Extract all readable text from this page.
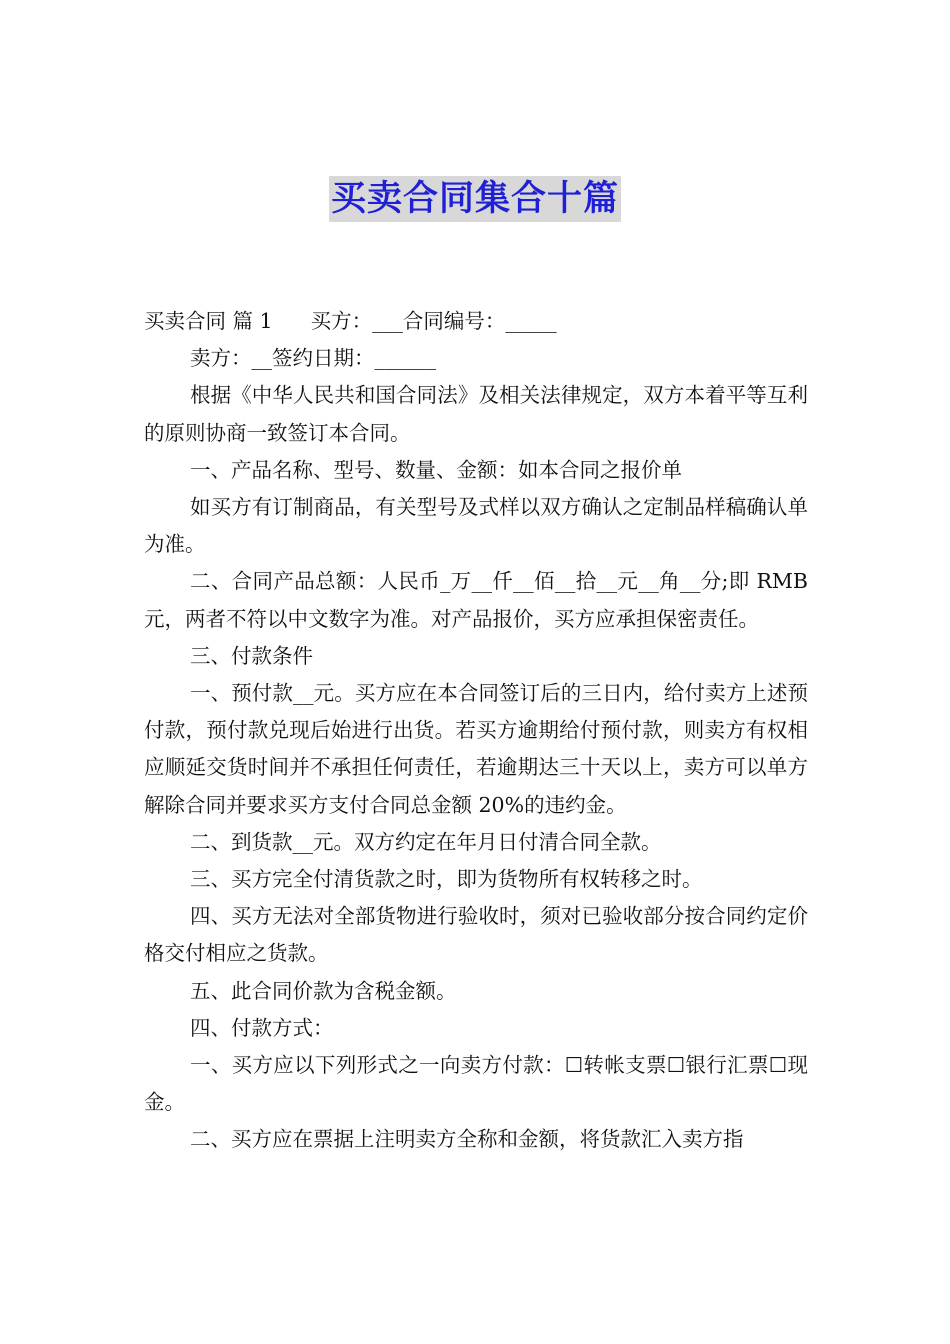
买卖合同集合十篇

买卖合同 篇 1 买方：___合同编号：_____

卖方：__签约日期：______

根据《中华人民共和国合同法》及相关法律规定，双方本着平等互利的原则协商一致签订本合同。

一、产品名称、型号、数量、金额：如本合同之报价单

如买方有订制商品，有关型号及式样以双方确认之定制品样稿确认单为准。

二、合同产品总额：人民币_万__仟__佰__拾__元__角__分;即 RMB 元，两者不符以中文数字为准。对产品报价，买方应承担保密责任。

三、付款条件

一、预付款__元。买方应在本合同签订后的三日内，给付卖方上述预付款，预付款兑现后始进行出货。若买方逾期给付预付款，则卖方有权相应顺延交货时间并不承担任何责任，若逾期达三十天以上，卖方可以单方解除合同并要求买方支付合同总金额 20%的违约金。

二、到货款__元。双方约定在年月日付清合同全款。

三、买方完全付清货款之时，即为货物所有权转移之时。

四、买方无法对全部货物进行验收时，须对已验收部分按合同约定价格交付相应之货款。

五、此合同价款为含税金额。

四、付款方式：

一、买方应以下列形式之一向卖方付款：☐转帐支票☐银行汇票☐现金。

二、买方应在票据上注明卖方全称和金额，将货款汇入卖方指
